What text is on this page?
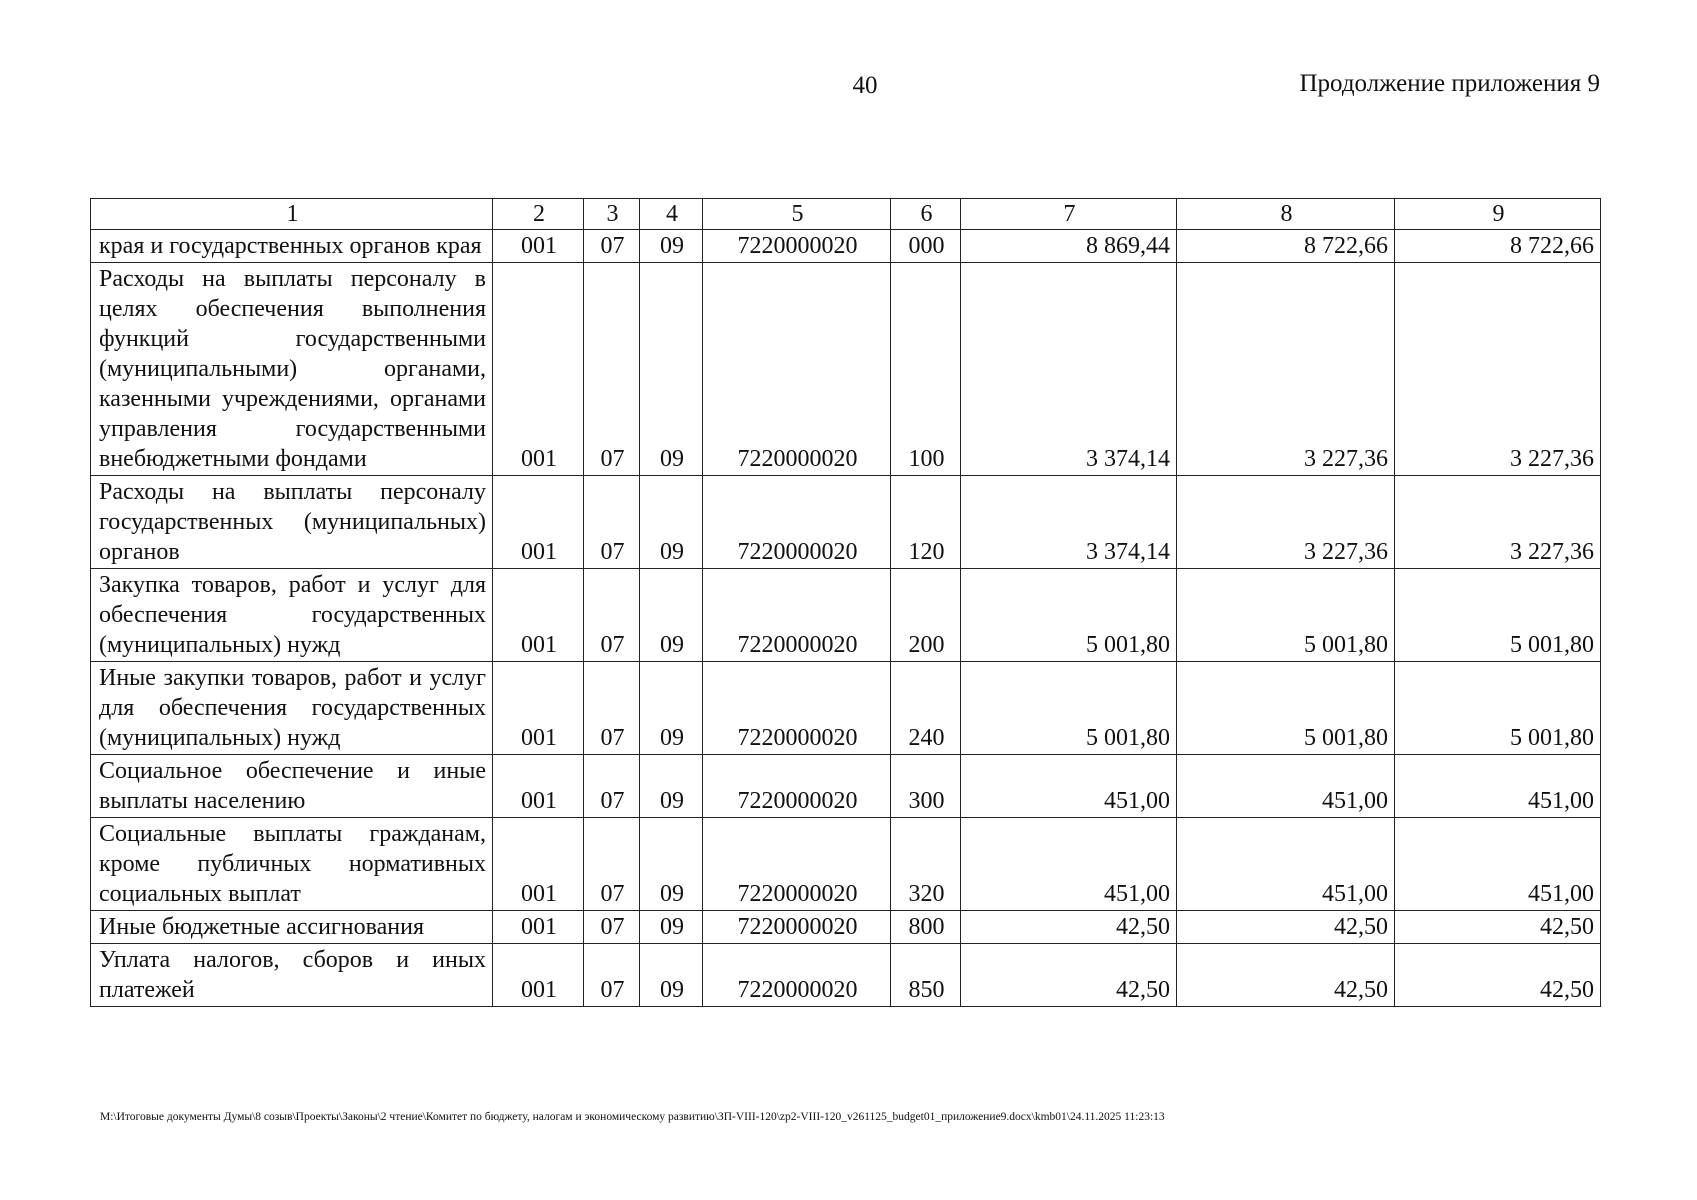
40	Продолжение приложения 9
1	2	3	4	5	6	7	8	9
края и государственных органов края	001	07	09	7220000020	000	8 869,44	8 722,66	8 722,66
Расходы на выплаты персоналу в целях обеспечения выполнения функций государственными (муниципальными) органами, казенными учреждениями, органами управления государственными внебюджетными фондами	001	07	09	7220000020	100	3 374,14	3 227,36	3 227,36
Расходы на выплаты персоналу государственных (муниципальных) органов	001	07	09	7220000020	120	3 374,14	3 227,36	3 227,36
Закупка товаров, работ и услуг для обеспечения государственных (муниципальных) нужд	001	07	09	7220000020	200	5 001,80	5 001,80	5 001,80
Иные закупки товаров, работ и услуг для обеспечения государственных (муниципальных) нужд	001	07	09	7220000020	240	5 001,80	5 001,80	5 001,80
Социальное обеспечение и иные выплаты населению	001	07	09	7220000020	300	451,00	451,00	451,00
Социальные выплаты гражданам, кроме публичных нормативных социальных выплат	001	07	09	7220000020	320	451,00	451,00	451,00
Иные бюджетные ассигнования	001	07	09	7220000020	800	42,50	42,50	42,50
Уплата налогов, сборов и иных платежей	001	07	09	7220000020	850	42,50	42,50	42,50
M:\Итоговые документы Думы\8 созыв\Проекты\Законы\2 чтение\Комитет по бюджету, налогам и экономическому развитию\ЗП-VIII-120\zp2-VIII-120_v261125_budget01_приложение9.docx\kmb01\24.11.2025 11:23:13
